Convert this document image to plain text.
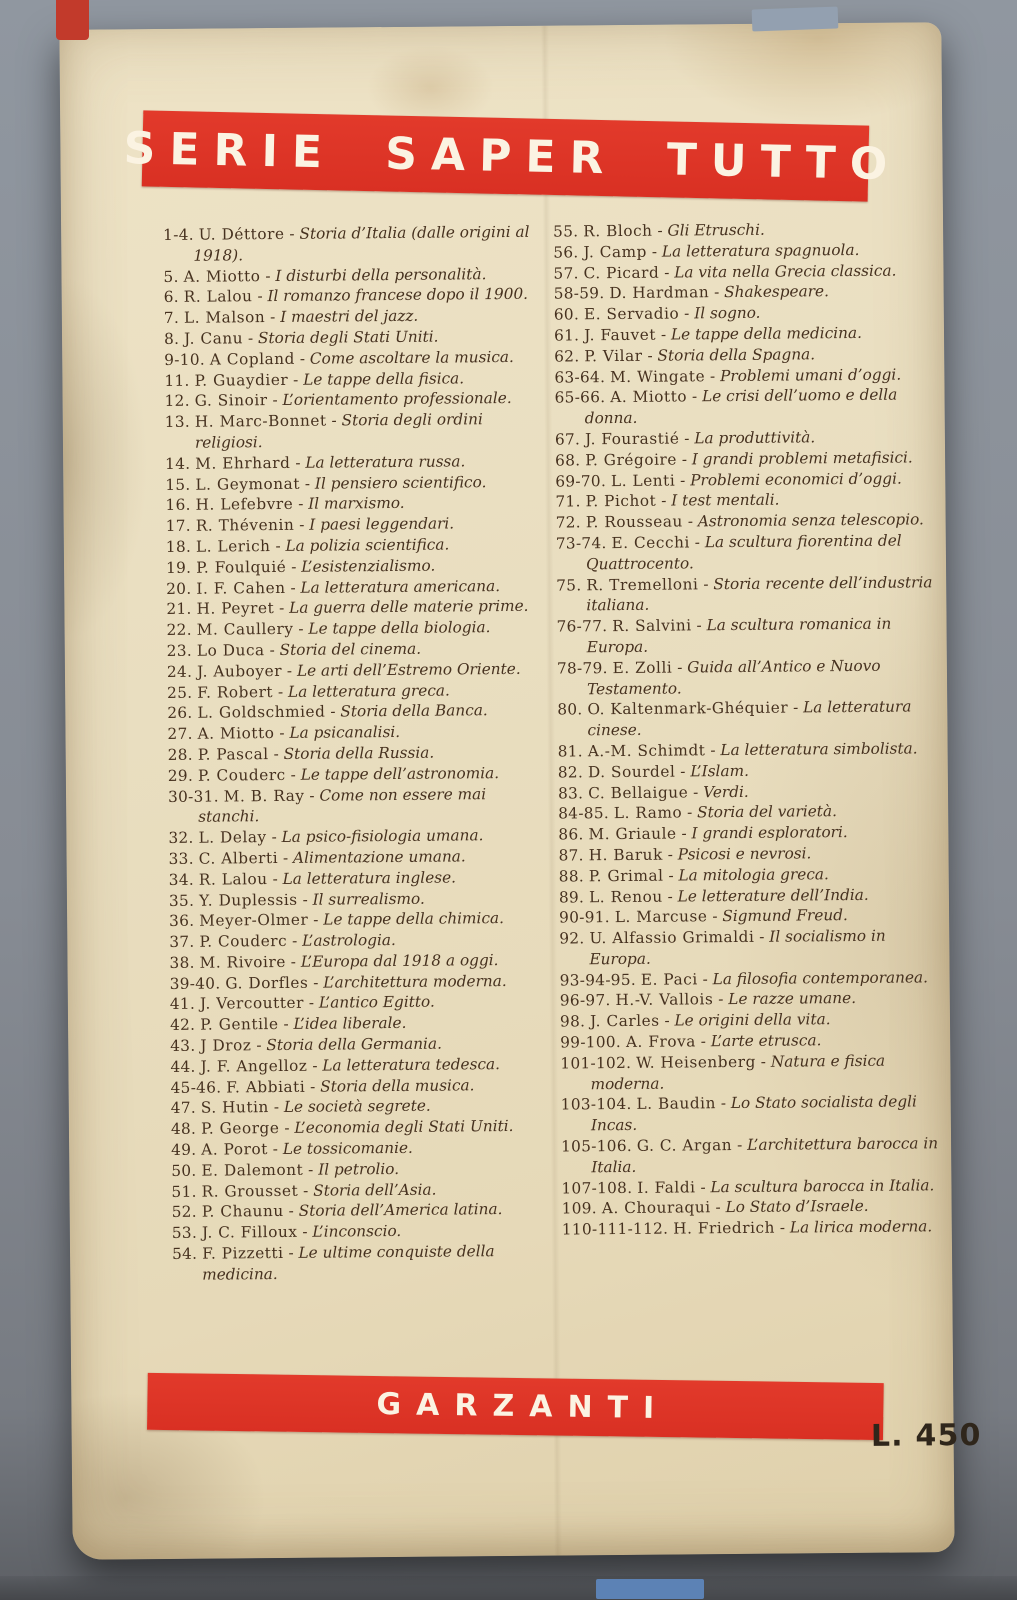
SERIE SAPER TUTTO
1-4. U. Déttore - Storia d’Italia (dalle origini al 1918).
5. A. Miotto - I disturbi della personalità.
6. R. Lalou - Il romanzo francese dopo il 1900.
7. L. Malson - I maestri del jazz.
8. J. Canu - Storia degli Stati Uniti.
9-10. A Copland - Come ascoltare la musica.
11. P. Guaydier - Le tappe della fisica.
12. G. Sinoir - L’orientamento professionale.
13. H. Marc-Bonnet - Storia degli ordini religiosi.
14. M. Ehrhard - La letteratura russa.
15. L. Geymonat - Il pensiero scientifico.
16. H. Lefebvre - Il marxismo.
17. R. Thévenin - I paesi leggendari.
18. L. Lerich - La polizia scientifica.
19. P. Foulquié - L’esistenzialismo.
20. I. F. Cahen - La letteratura americana.
21. H. Peyret - La guerra delle materie prime.
22. M. Caullery - Le tappe della biologia.
23. Lo Duca - Storia del cinema.
24. J. Auboyer - Le arti dell’Estremo Oriente.
25. F. Robert - La letteratura greca.
26. L. Goldschmied - Storia della Banca.
27. A. Miotto - La psicanalisi.
28. P. Pascal - Storia della Russia.
29. P. Couderc - Le tappe dell’astronomia.
30-31. M. B. Ray - Come non essere mai stanchi.
32. L. Delay - La psico-fisiologia umana.
33. C. Alberti - Alimentazione umana.
34. R. Lalou - La letteratura inglese.
35. Y. Duplessis - Il surrealismo.
36. Meyer-Olmer - Le tappe della chimica.
37. P. Couderc - L’astrologia.
38. M. Rivoire - L’Europa dal 1918 a oggi.
39-40. G. Dorfles - L’architettura moderna.
41. J. Vercoutter - L’antico Egitto.
42. P. Gentile - L’idea liberale.
43. J Droz - Storia della Germania.
44. J. F. Angelloz - La letteratura tedesca.
45-46. F. Abbiati - Storia della musica.
47. S. Hutin - Le società segrete.
48. P. George - L’economia degli Stati Uniti.
49. A. Porot - Le tossicomanie.
50. E. Dalemont - Il petrolio.
51. R. Grousset - Storia dell’Asia.
52. P. Chaunu - Storia dell’America latina.
53. J. C. Filloux - L’inconscio.
54. F. Pizzetti - Le ultime conquiste della medicina.
55. R. Bloch - Gli Etruschi.
56. J. Camp - La letteratura spagnuola.
57. C. Picard - La vita nella Grecia classica.
58-59. D. Hardman - Shakespeare.
60. E. Servadio - Il sogno.
61. J. Fauvet - Le tappe della medicina.
62. P. Vilar - Storia della Spagna.
63-64. M. Wingate - Problemi umani d’oggi.
65-66. A. Miotto - Le crisi dell’uomo e della donna.
67. J. Fourastié - La produttività.
68. P. Grégoire - I grandi problemi metafisici.
69-70. L. Lenti - Problemi economici d’oggi.
71. P. Pichot - I test mentali.
72. P. Rousseau - Astronomia senza telescopio.
73-74. E. Cecchi - La scultura fiorentina del Quattrocento.
75. R. Tremelloni - Storia recente dell’industria italiana.
76-77. R. Salvini - La scultura romanica in Europa.
78-79. E. Zolli - Guida all’Antico e Nuovo Testamento.
80. O. Kaltenmark-Ghéquier - La letteratura cinese.
81. A.-M. Schimdt - La letteratura simbolista.
82. D. Sourdel - L’Islam.
83. C. Bellaigue - Verdi.
84-85. L. Ramo - Storia del varietà.
86. M. Griaule - I grandi esploratori.
87. H. Baruk - Psicosi e nevrosi.
88. P. Grimal - La mitologia greca.
89. L. Renou - Le letterature dell’India.
90-91. L. Marcuse - Sigmund Freud.
92. U. Alfassio Grimaldi - Il socialismo in Europa.
93-94-95. E. Paci - La filosofia contemporanea.
96-97. H.-V. Vallois - Le razze umane.
98. J. Carles - Le origini della vita.
99-100. A. Frova - L’arte etrusca.
101-102. W. Heisenberg - Natura e fisica moderna.
103-104. L. Baudin - Lo Stato socialista degli Incas.
105-106. G. C. Argan - L’architettura barocca in Italia.
107-108. I. Faldi - La scultura barocca in Italia.
109. A. Chouraqui - Lo Stato d’Israele.
110-111-112. H. Friedrich - La lirica moderna.
GARZANTI
L. 450
